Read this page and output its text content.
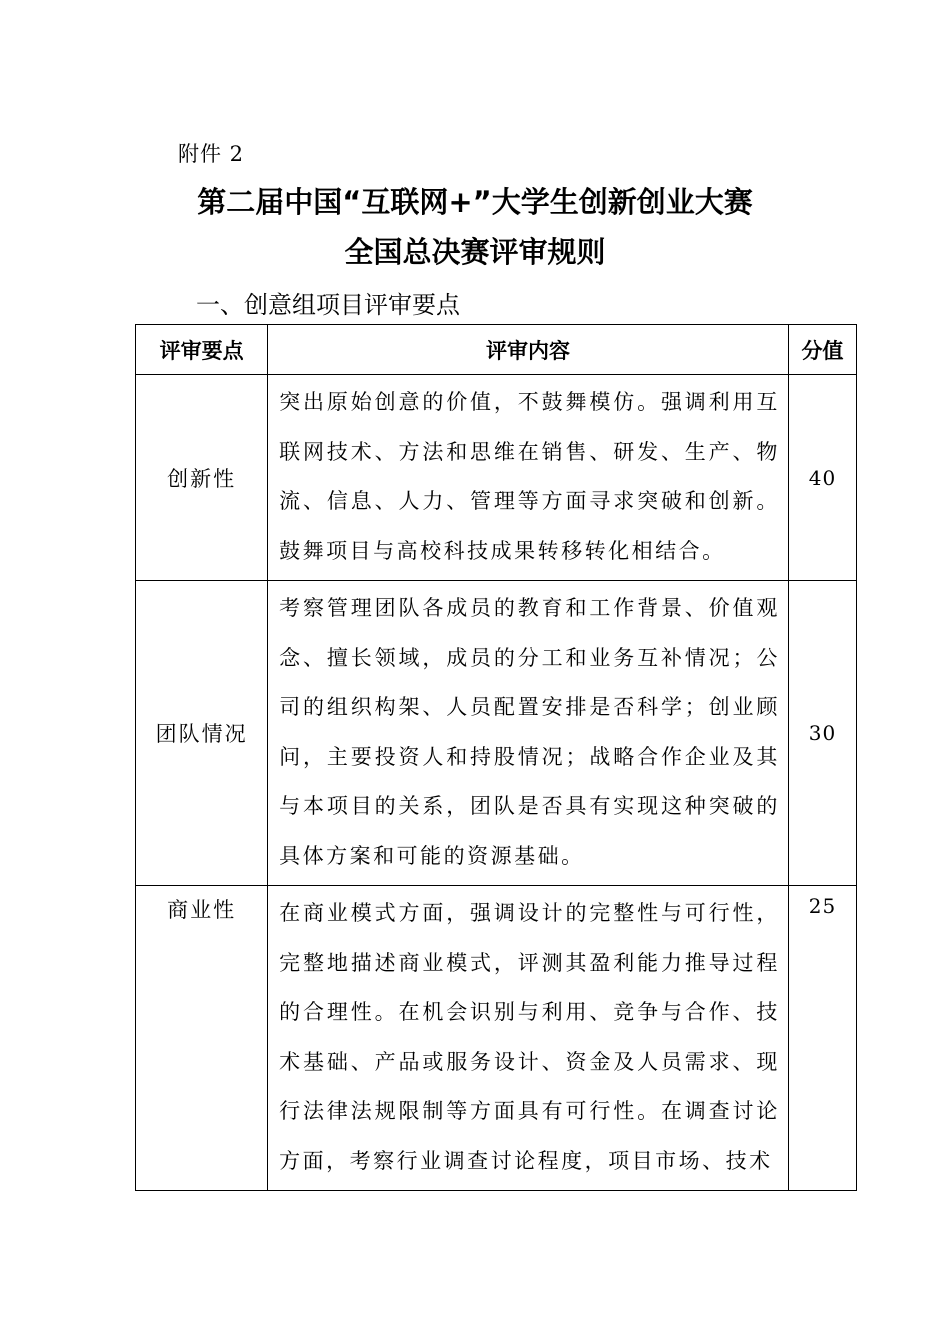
附件 2
第二届中国“互联网+”大学生创新创业大赛
全国总决赛评审规则
一、创意组项目评审要点
评审要点	评审内容	分值
创新性	突出原始创意的价值，不鼓舞模仿。强调利用互联网技术、方法和思维在销售、研发、生产、物流、信息、人力、管理等方面寻求突破和创新。鼓舞项目与高校科技成果转移转化相结合。	40
团队情况	考察管理团队各成员的教育和工作背景、价值观念、擅长领域，成员的分工和业务互补情况；公司的组织构架、人员配置安排是否科学；创业顾问，主要投资人和持股情况；战略合作企业及其与本项目的关系，团队是否具有实现这种突破的具体方案和可能的资源基础。	30
商业性	在商业模式方面，强调设计的完整性与可行性，完整地描述商业模式，评测其盈利能力推导过程的合理性。在机会识别与利用、竞争与合作、技术基础、产品或服务设计、资金及人员需求、现行法律法规限制等方面具有可行性。在调查讨论方面，考察行业调查讨论程度，项目市场、技术	25
